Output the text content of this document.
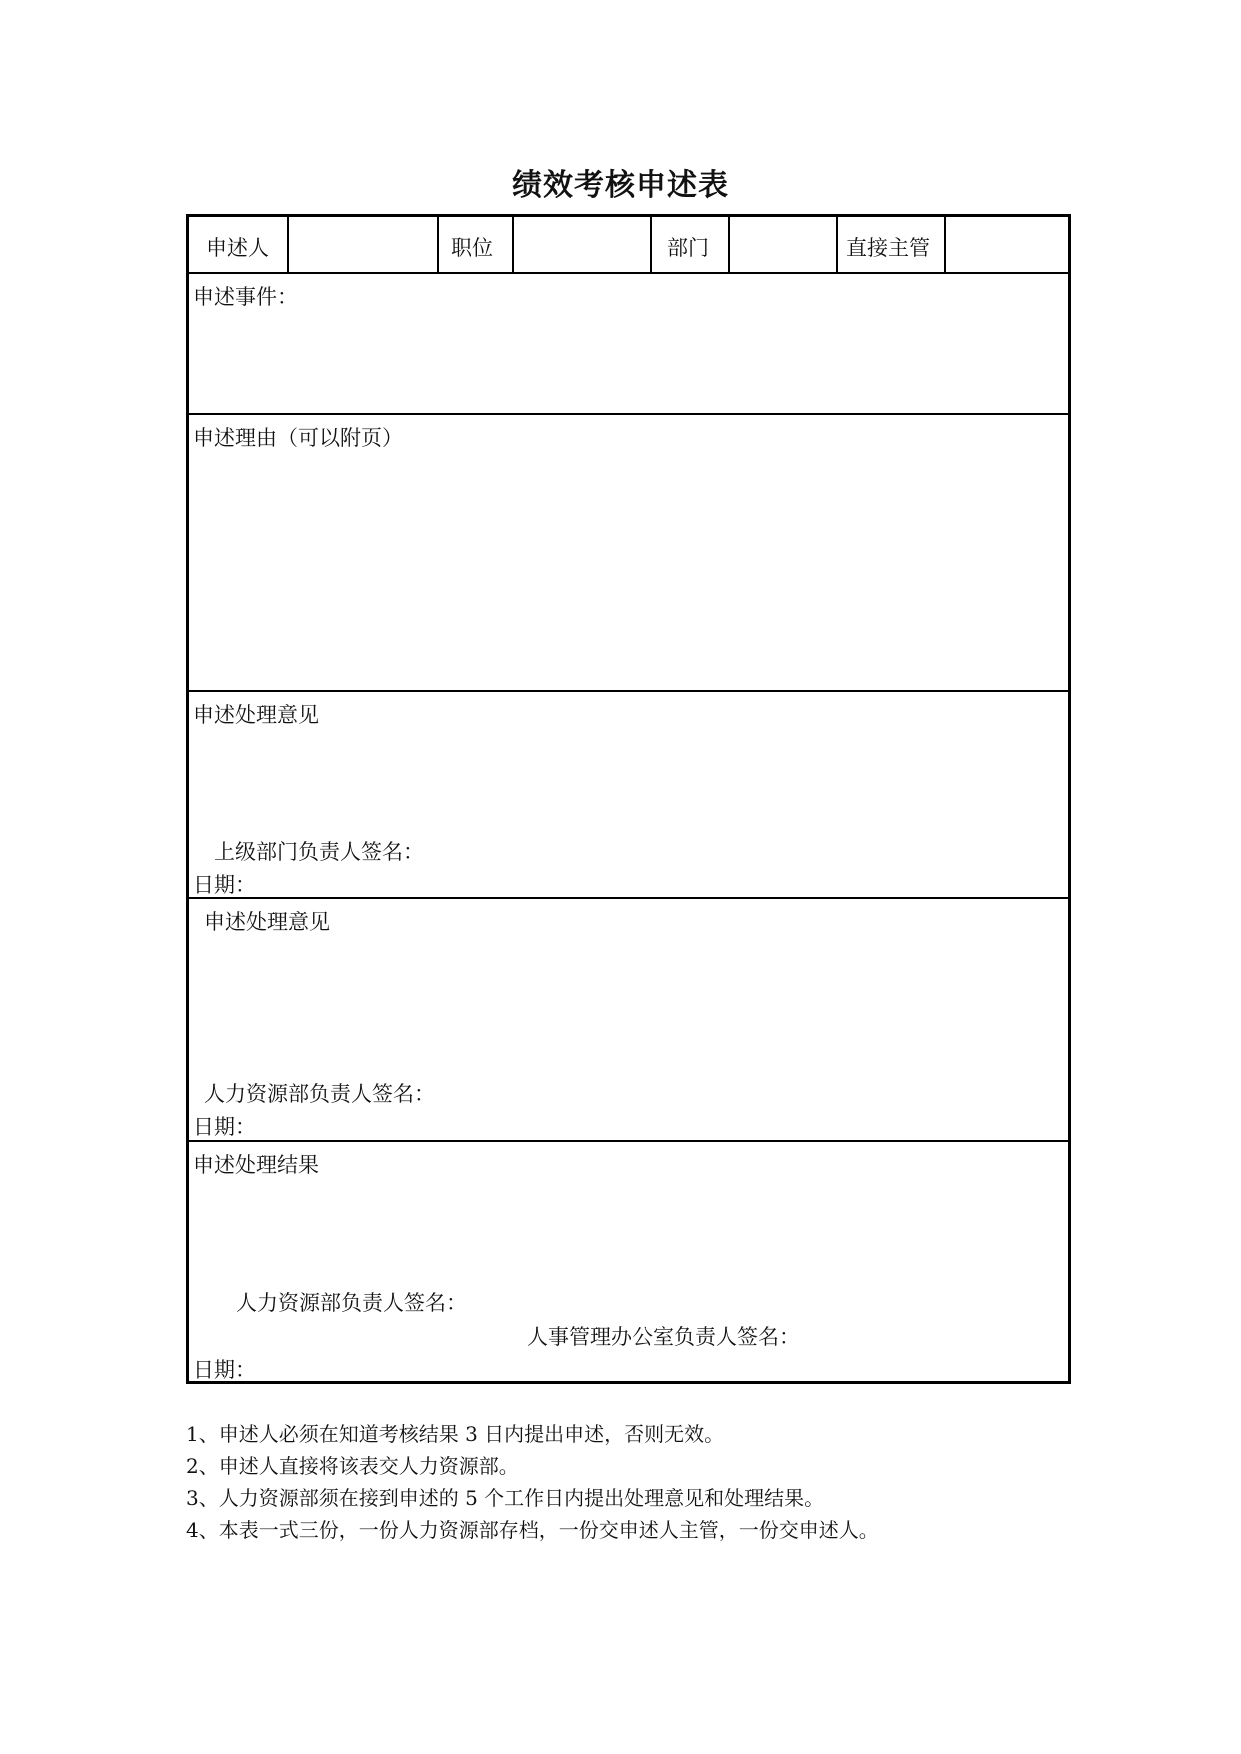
绩效考核申述表
申述人	职位	部门	直接主管
申述事件：
申述理由（可以附页）
申述处理意见
上级部门负责人签名：
日期：
申述处理意见
人力资源部负责人签名：
日期：
申述处理结果
人力资源部负责人签名：
人事管理办公室负责人签名：
日期：
1、申述人必须在知道考核结果 3 日内提出申述，否则无效。
2、申述人直接将该表交人力资源部。
3、人力资源部须在接到申述的 5 个工作日内提出处理意见和处理结果。
4、本表一式三份，一份人力资源部存档，一份交申述人主管，一份交申述人。
